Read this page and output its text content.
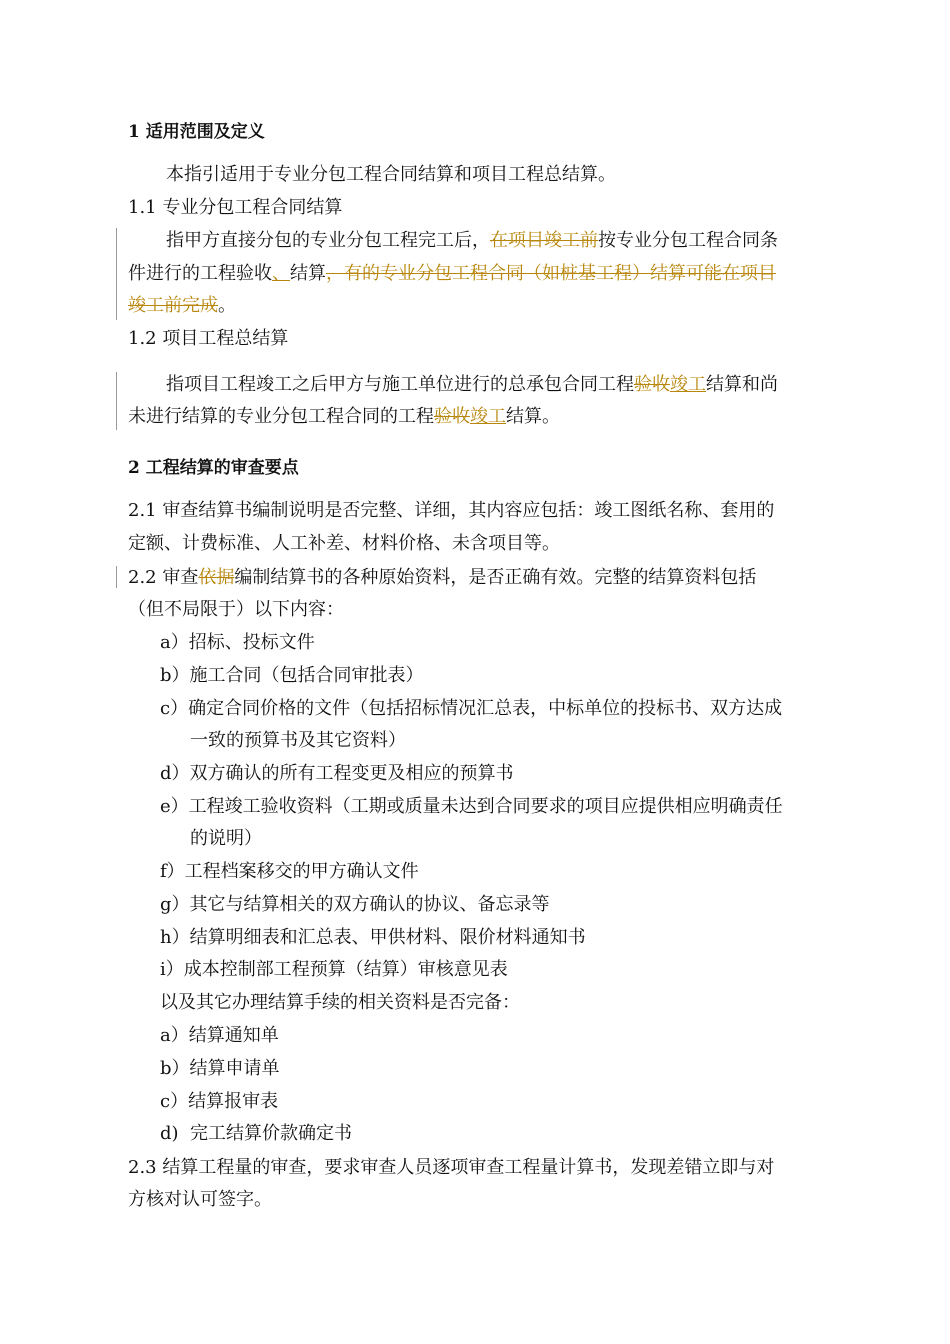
1 适用范围及定义
本指引适用于专业分包工程合同结算和项目工程总结算。
1.1 专业分包工程合同结算
指甲方直接分包的专业分包工程完工后，在项目竣工前按专业分包工程合同条
件进行的工程验收、结算，有的专业分包工程合同（如桩基工程）结算可能在项目
竣工前完成。
1.2 项目工程总结算
指项目工程竣工之后甲方与施工单位进行的总承包合同工程验收竣工结算和尚
未进行结算的专业分包工程合同的工程验收竣工结算。
2 工程结算的审查要点
2.1 审查结算书编制说明是否完整、详细，其内容应包括：竣工图纸名称、套用的
定额、计费标准、人工补差、材料价格、未含项目等。
2.2 审查依据编制结算书的各种原始资料，是否正确有效。完整的结算资料包括
（但不局限于）以下内容：
a）招标、投标文件
b）施工合同（包括合同审批表）
c）确定合同价格的文件（包括招标情况汇总表，中标单位的投标书、双方达成
一致的预算书及其它资料）
d）双方确认的所有工程变更及相应的预算书
e）工程竣工验收资料（工期或质量未达到合同要求的项目应提供相应明确责任
的说明）
f）工程档案移交的甲方确认文件
g）其它与结算相关的双方确认的协议、备忘录等
h）结算明细表和汇总表、甲供材料、限价材料通知书
i）成本控制部工程预算（结算）审核意见表
以及其它办理结算手续的相关资料是否完备：
a）结算通知单
b）结算申请单
c）结算报审表
d)  完工结算价款确定书
2.3 结算工程量的审查，要求审查人员逐项审查工程量计算书，发现差错立即与对
方核对认可签字。
